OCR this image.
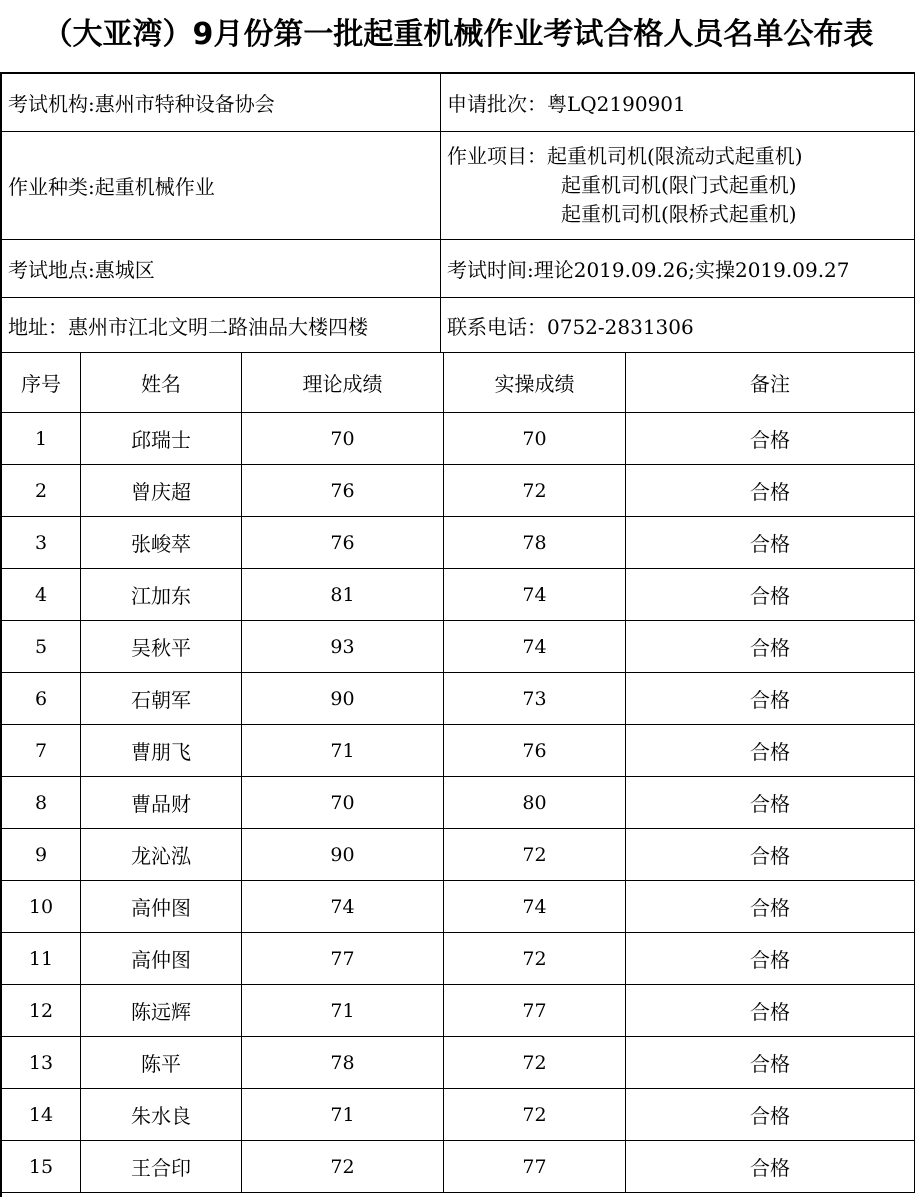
（大亚湾）9月份第一批起重机械作业考试合格人员名单公布表
考试机构:惠州市特种设备协会	申请批次：粤LQ2190901
作业种类:起重机械作业
作业项目：起重机司机(限流动式起重机)
起重机司机(限门式起重机)
起重机司机(限桥式起重机)
考试地点:惠城区	考试时间:理论2019.09.26;实操2019.09.27
地址：惠州市江北文明二路油品大楼四楼	联系电话：0752-2831306
序号	姓名	理论成绩	实操成绩	备注
1	邱瑞士	70	70	合格
2	曾庆超	76	72	合格
3	张峻萃	76	78	合格
4	江加东	81	74	合格
5	吴秋平	93	74	合格
6	石朝军	90	73	合格
7	曹朋飞	71	76	合格
8	曹品财	70	80	合格
9	龙沁泓	90	72	合格
10	高仲图	74	74	合格
11	高仲图	77	72	合格
12	陈远辉	71	77	合格
13	陈平	78	72	合格
14	朱水良	71	72	合格
15	王合印	72	77	合格
